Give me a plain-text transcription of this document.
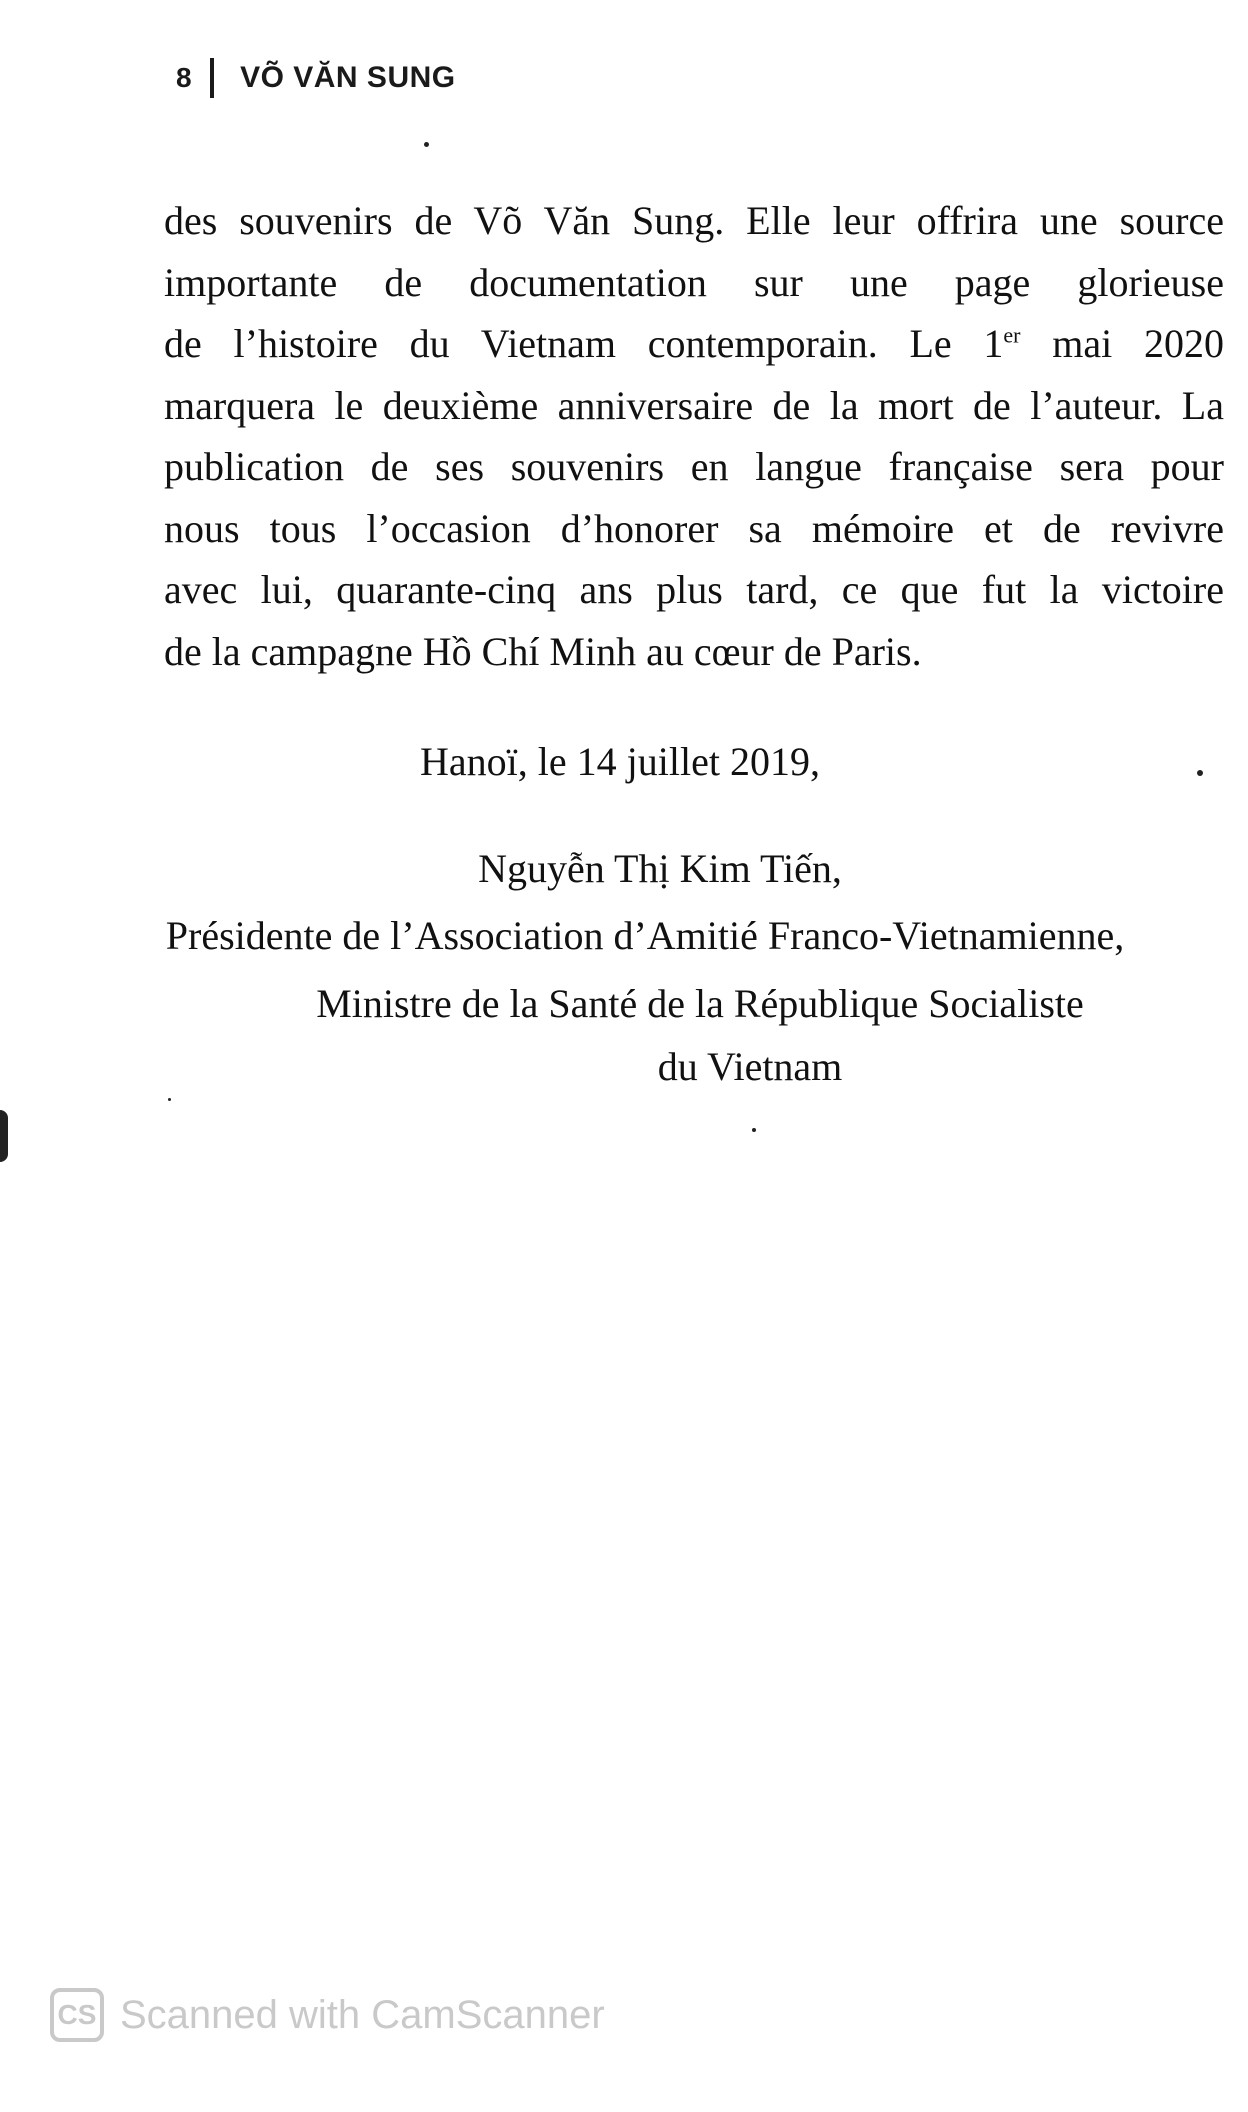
8 VÕ VĂN SUNG

des souvenirs de Võ Văn Sung. Elle leur offrira une source
importante de documentation sur une page glorieuse
de l’histoire du Vietnam contemporain. Le 1er mai 2020
marquera le deuxième anniversaire de la mort de l’auteur. La
publication de ses souvenirs en langue française sera pour
nous tous l’occasion d’honorer sa mémoire et de revivre
avec lui, quarante-cinq ans plus tard, ce que fut la victoire
de la campagne Hồ Chí Minh au cœur de Paris.

Hanoï, le 14 juillet 2019,
Nguyễn Thị Kim Tiến,
Présidente de l’Association d’Amitié Franco-Vietnamienne,
Ministre de la Santé de la République Socialiste
du Vietnam
CS Scanned with CamScanner
